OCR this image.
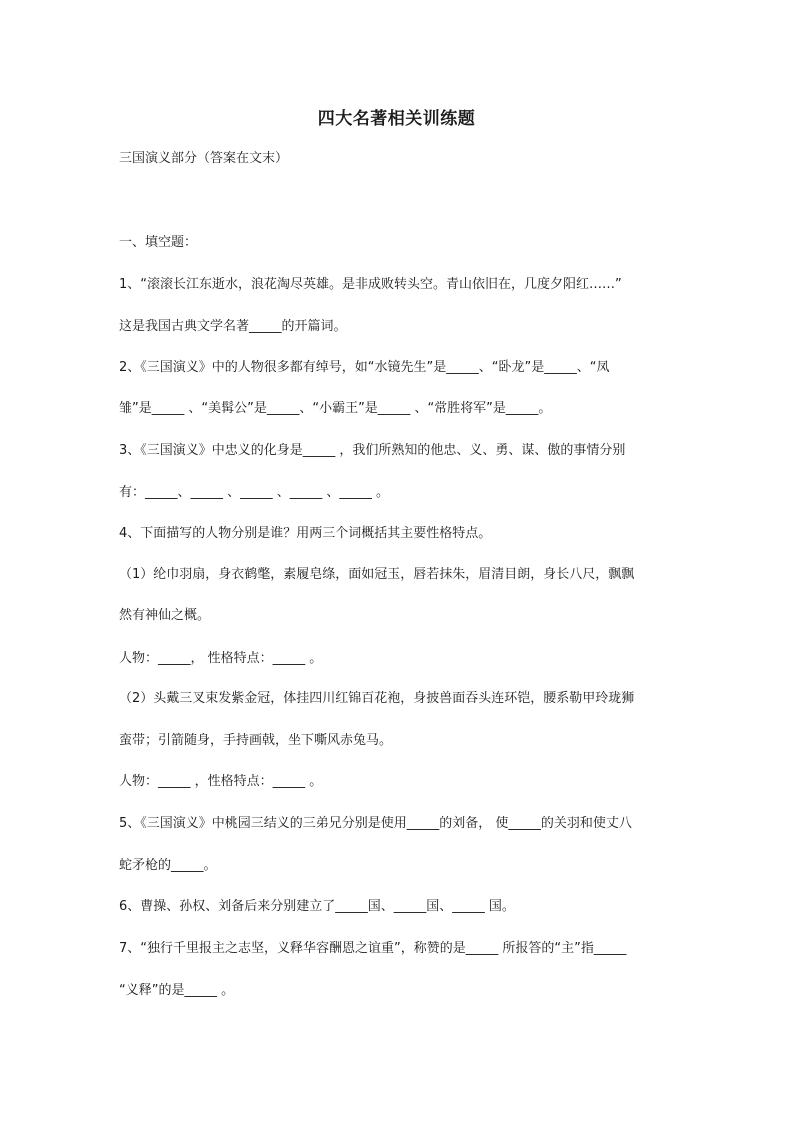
四大名著相关训练题
三国演义部分（答案在文末）
一、填空题：
1、“滚滚长江东逝水，浪花淘尽英雄。是非成败转头空。青山依旧在，几度夕阳红……”
这是我国古典文学名著_____的开篇词。
2、《三国演义》中的人物很多都有绰号，如“水镜先生”是_____、“卧龙”是_____、“凤
雏”是_____ 、“美髯公”是_____、“小霸王”是_____ 、“常胜将军”是_____。
3、《三国演义》中忠义的化身是_____ ，我们所熟知的他忠、义、勇、谋、傲的事情分别
有：_____、_____ 、_____ 、_____ 、_____ 。
4、下面描写的人物分别是谁？用两三个词概括其主要性格特点。
（1）纶巾羽扇，身衣鹤氅，素履皂绦，面如冠玉，唇若抹朱，眉清目朗，身长八尺，飘飘
然有神仙之概。
人物：_____， 性格特点：_____ 。
（2）头戴三叉束发紫金冠，体挂四川红锦百花袍，身披兽面吞头连环铠，腰系勒甲玲珑狮
蛮带；引箭随身，手持画戟，坐下嘶风赤兔马。
人物：_____ ，性格特点：_____ 。
5、《三国演义》中桃园三结义的三弟兄分别是使用_____的刘备， 使_____的关羽和使丈八
蛇矛枪的_____。
6、曹操、孙权、刘备后来分别建立了_____国、_____国、_____ 国。
7、“独行千里报主之志坚，义释华容酬恩之谊重”，称赞的是_____ 所报答的“主”指_____
“义释”的是_____ 。
